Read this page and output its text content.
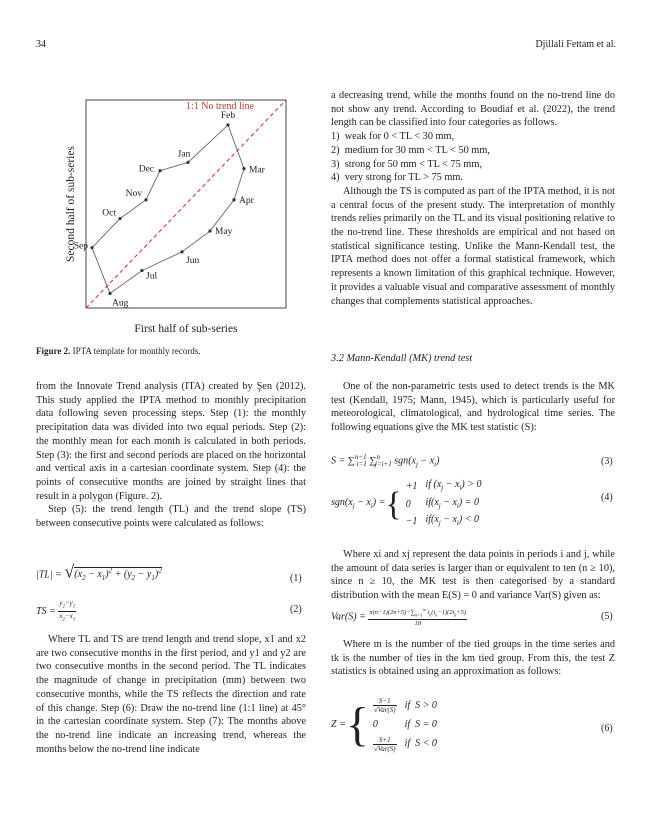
34	Djillali Fettam et al.
Jan
Feb
Mar
Apr
May
Jun
Jul
Aug
Sep
Oct
Nov
Dec
1:1 No trend line
First half of sub-series
Second half of sub-series
Figure 2. IPTA template for monthly records.

from the Innovate Trend analysis (ITA) created by Şen (2012). This study applied the IPTA method to monthly precipitation data following seven processing steps. Step (1): the monthly precipitation data was divided into two equal periods. Step (2): the monthly mean for each month is calculated in both periods. Step (3): the first and second periods are placed on the horizontal and vertical axis in a cartesian coordinate system. Step (4): the points of consecutive months are joined by straight lines that result in a polygon (Figure. 2).

Step (5): the trend length (TL) and the trend slope (TS) between consecutive points were calculated as follows:

$|TL| = √(x_2 - x_1)^2 + (y_2 - y_1)^2$
(1)
TS = $\frac{y_2-y_1}{x_2-x_1}$	(2)
Where TL and TS are trend length and trend slope, x1 and x2 are two consecutive months in the first period, and y1 and y2 are two consecutive months in the second period. The TL indicates the magnitude of change in precipitation (mm) between two consecutive months, while the TS reflects the direction and rate of this change. Step (6): Draw the no-trend line (1:1 line) at 45° in the cartesian coordinate system. Step (7): The months above the no-trend line indicate an increasing trend, whereas the months below the no-trend line indicate

a decreasing trend, while the months found on the no-trend line do not show any trend. According to Boudiaf et al. (2022), the trend length can be classified into four categories as follows.

1)  weak for 0 < TL < 30 mm,
2)  medium for 30 mm < TL < 50 mm,
3)  strong for 50 mm < TL < 75 mm,
4)  very strong for TL > 75 mm.

Although the TS is computed as part of the IPTA method, it is not a central focus of the present study. The interpretation of monthly trends relies primarily on the TL and its visual positioning relative to the no-trend line. These thresholds are empirical and not based on statistical significance testing. Unlike the Mann-Kendall test, the IPTA method does not offer a formal statistical framework, which represents a known limitation of this graphical technique. However, it provides a valuable visual and comparative assessment of monthly changes that complements statistical approaches.

3.2 Mann-Kendall (MK) trend test
One of the non-parametric tests used to detect trends is the MK test (Kendall, 1975; Mann, 1945), which is particularly useful for meteorological, climatological, and hydrological time series. The following equations give the MK test statistic (S):
S = ∑$^{n-1}_{i=1}$ ∑$^n_{j=i+1}$ $sgn(x_j - x_i)$	(3)
$sgn(x_j - x_i)$ =	{	+1	if $(x_j - x_i) > 0$
0	$if(x_j - x_i) = 0$
−1	$if(x_j - x_i) < 0$
(4)
Where xi and xj represent the data points in periods i and j, while the amount of data series is larger than or equivalent to ten (n ≥ 10), since n ≥ 10, the MK test is then categorised by a standard distribution with the mean E(S) = 0 and variance Var(S) given as:
$Var(S) = \frac{n(n-1)(2n+5)-\sum_{k=1}^m t_k(t_k-1)(2t_k+5)}{18}$	(5)
Where m is the number of the tied groups in the time series and tk is the number of ties in the km tied group. From this, the test Z statistics is obtained using an approximation as follows:
Z =	{	$\frac{S-1}{\text{√Var(S)}}$	if S > 0
0	if S = 0

$\frac{S+1}{\text{√Var(S)}}$	if S < 0
(6)
